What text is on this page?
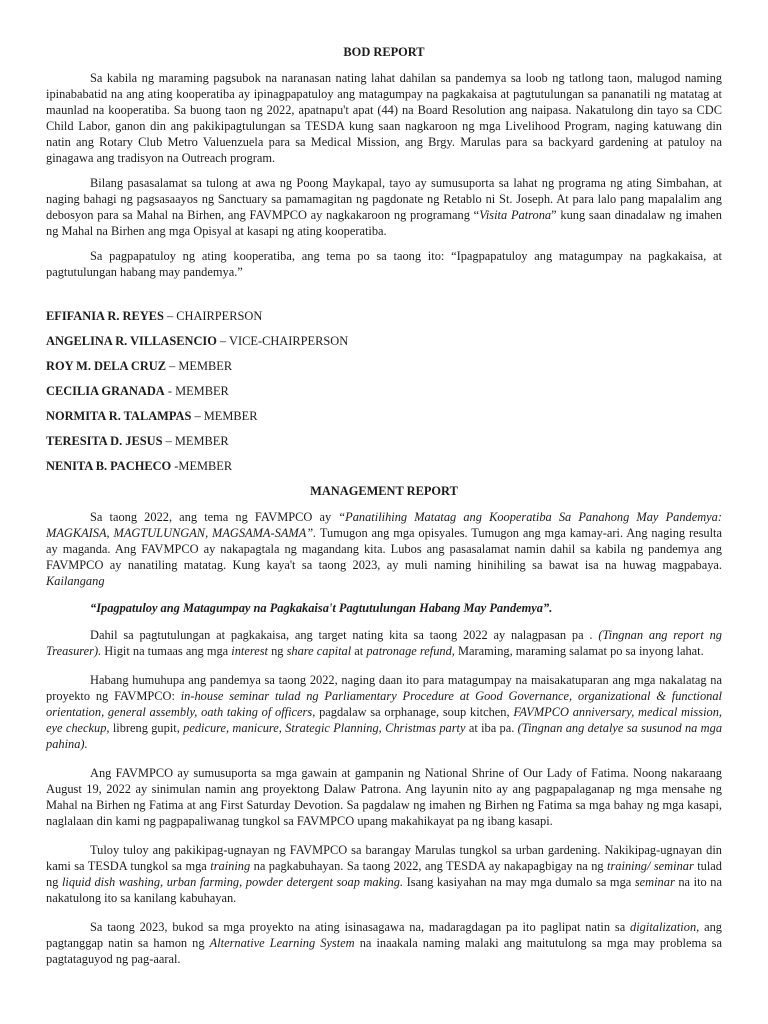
BOD REPORT

Sa kabila ng maraming pagsubok na naranasan nating lahat dahilan sa pandemya sa loob ng tatlong taon, malugod naming ipinababatid na ang ating kooperatiba ay ipinagpapatuloy ang matagumpay na pagkakaisa at pagtutulungan sa pananatili ng matatag at maunlad na kooperatiba. Sa buong taon ng 2022, apatnapu't apat (44) na Board Resolution ang naipasa. Nakatulong din tayo sa CDC Child Labor, ganon din ang pakikipagtulungan sa TESDA kung saan nagkaroon ng mga Livelihood Program, naging katuwang din natin ang Rotary Club Metro Valuenzuela para sa Medical Mission, ang Brgy. Marulas para sa backyard gardening at patuloy na ginagawa ang tradisyon na Outreach program.

Bilang pasasalamat sa tulong at awa ng Poong Maykapal, tayo ay sumusuporta sa lahat ng programa ng ating Simbahan, at naging bahagi ng pagsasaayos ng Sanctuary sa pamamagitan ng pagdonate ng Retablo ni St. Joseph. At para lalo pang mapalalim ang debosyon para sa Mahal na Birhen, ang FAVMPCO ay nagkakaroon ng programang “Visita Patrona” kung saan dinadalaw ng imahen ng Mahal na Birhen ang mga Opisyal at kasapi ng ating kooperatiba.

Sa pagpapatuloy ng ating kooperatiba, ang tema po sa taong ito: “Ipagpapatuloy ang matagumpay na pagkakaisa, at pagtutulungan habang may pandemya.”

EFIFANIA R. REYES – CHAIRPERSON
ANGELINA R. VILLASENCIO – VICE-CHAIRPERSON
ROY M. DELA CRUZ – MEMBER
CECILIA GRANADA - MEMBER
NORMITA R. TALAMPAS – MEMBER
TERESITA D. JESUS – MEMBER
NENITA B. PACHECO -MEMBER
MANAGEMENT REPORT

Sa taong 2022, ang tema ng FAVMPCO ay “Panatilihing Matatag ang Kooperatiba Sa Panahong May Pandemya: MAGKAISA, MAGTULUNGAN, MAGSAMA-SAMA”. Tumugon ang mga opisyales. Tumugon ang mga kamay-ari. Ang naging resulta ay maganda. Ang FAVMPCO ay nakapagtala ng magandang kita. Lubos ang pasasalamat namin dahil sa kabila ng pandemya ang FAVMPCO ay nanatiling matatag. Kung kaya't sa taong 2023, ay muli naming hinihiling sa bawat isa na huwag magpabaya. Kailangang

“Ipagpatuloy ang Matagumpay na Pagkakaisa't Pagtutulungan Habang May Pandemya”.

Dahil sa pagtutulungan at pagkakaisa, ang target nating kita sa taong 2022 ay nalagpasan pa . (Tingnan ang report ng Treasurer). Higit na tumaas ang mga interest ng share capital at patronage refund, Maraming, maraming salamat po sa inyong lahat.

Habang humuhupa ang pandemya sa taong 2022, naging daan ito para matagumpay na maisakatuparan ang mga nakalatag na proyekto ng FAVMPCO: in-house seminar tulad ng Parliamentary Procedure at Good Governance, organizational & functional orientation, general assembly, oath taking of officers, pagdalaw sa orphanage, soup kitchen, FAVMPCO anniversary, medical mission, eye checkup, libreng gupit, pedicure, manicure, Strategic Planning, Christmas party at iba pa. (Tingnan ang detalye sa susunod na mga pahina).

Ang FAVMPCO ay sumusuporta sa mga gawain at gampanin ng National Shrine of Our Lady of Fatima. Noong nakaraang August 19, 2022 ay sinimulan namin ang proyektong Dalaw Patrona. Ang layunin nito ay ang pagpapalaganap ng mga mensahe ng Mahal na Birhen ng Fatima at ang First Saturday Devotion. Sa pagdalaw ng imahen ng Birhen ng Fatima sa mga bahay ng mga kasapi, naglalaan din kami ng pagpapaliwanag tungkol sa FAVMPCO upang makahikayat pa ng ibang kasapi.

Tuloy tuloy ang pakikipag-ugnayan ng FAVMPCO sa barangay Marulas tungkol sa urban gardening. Nakikipag-ugnayan din kami sa TESDA tungkol sa mga training na pagkabuhayan. Sa taong 2022, ang TESDA ay nakapagbigay na ng training/ seminar tulad ng liquid dish washing, urban farming, powder detergent soap making. Isang kasiyahan na may mga dumalo sa mga seminar na ito na nakatulong ito sa kanilang kabuhayan.

Sa taong 2023, bukod sa mga proyekto na ating isinasagawa na, madaragdagan pa ito paglipat natin sa digitalization, ang pagtanggap natin sa hamon ng Alternative Learning System na inaakala naming malaki ang maitutulong sa mga may problema sa pagtataguyod ng pag-aaral.
